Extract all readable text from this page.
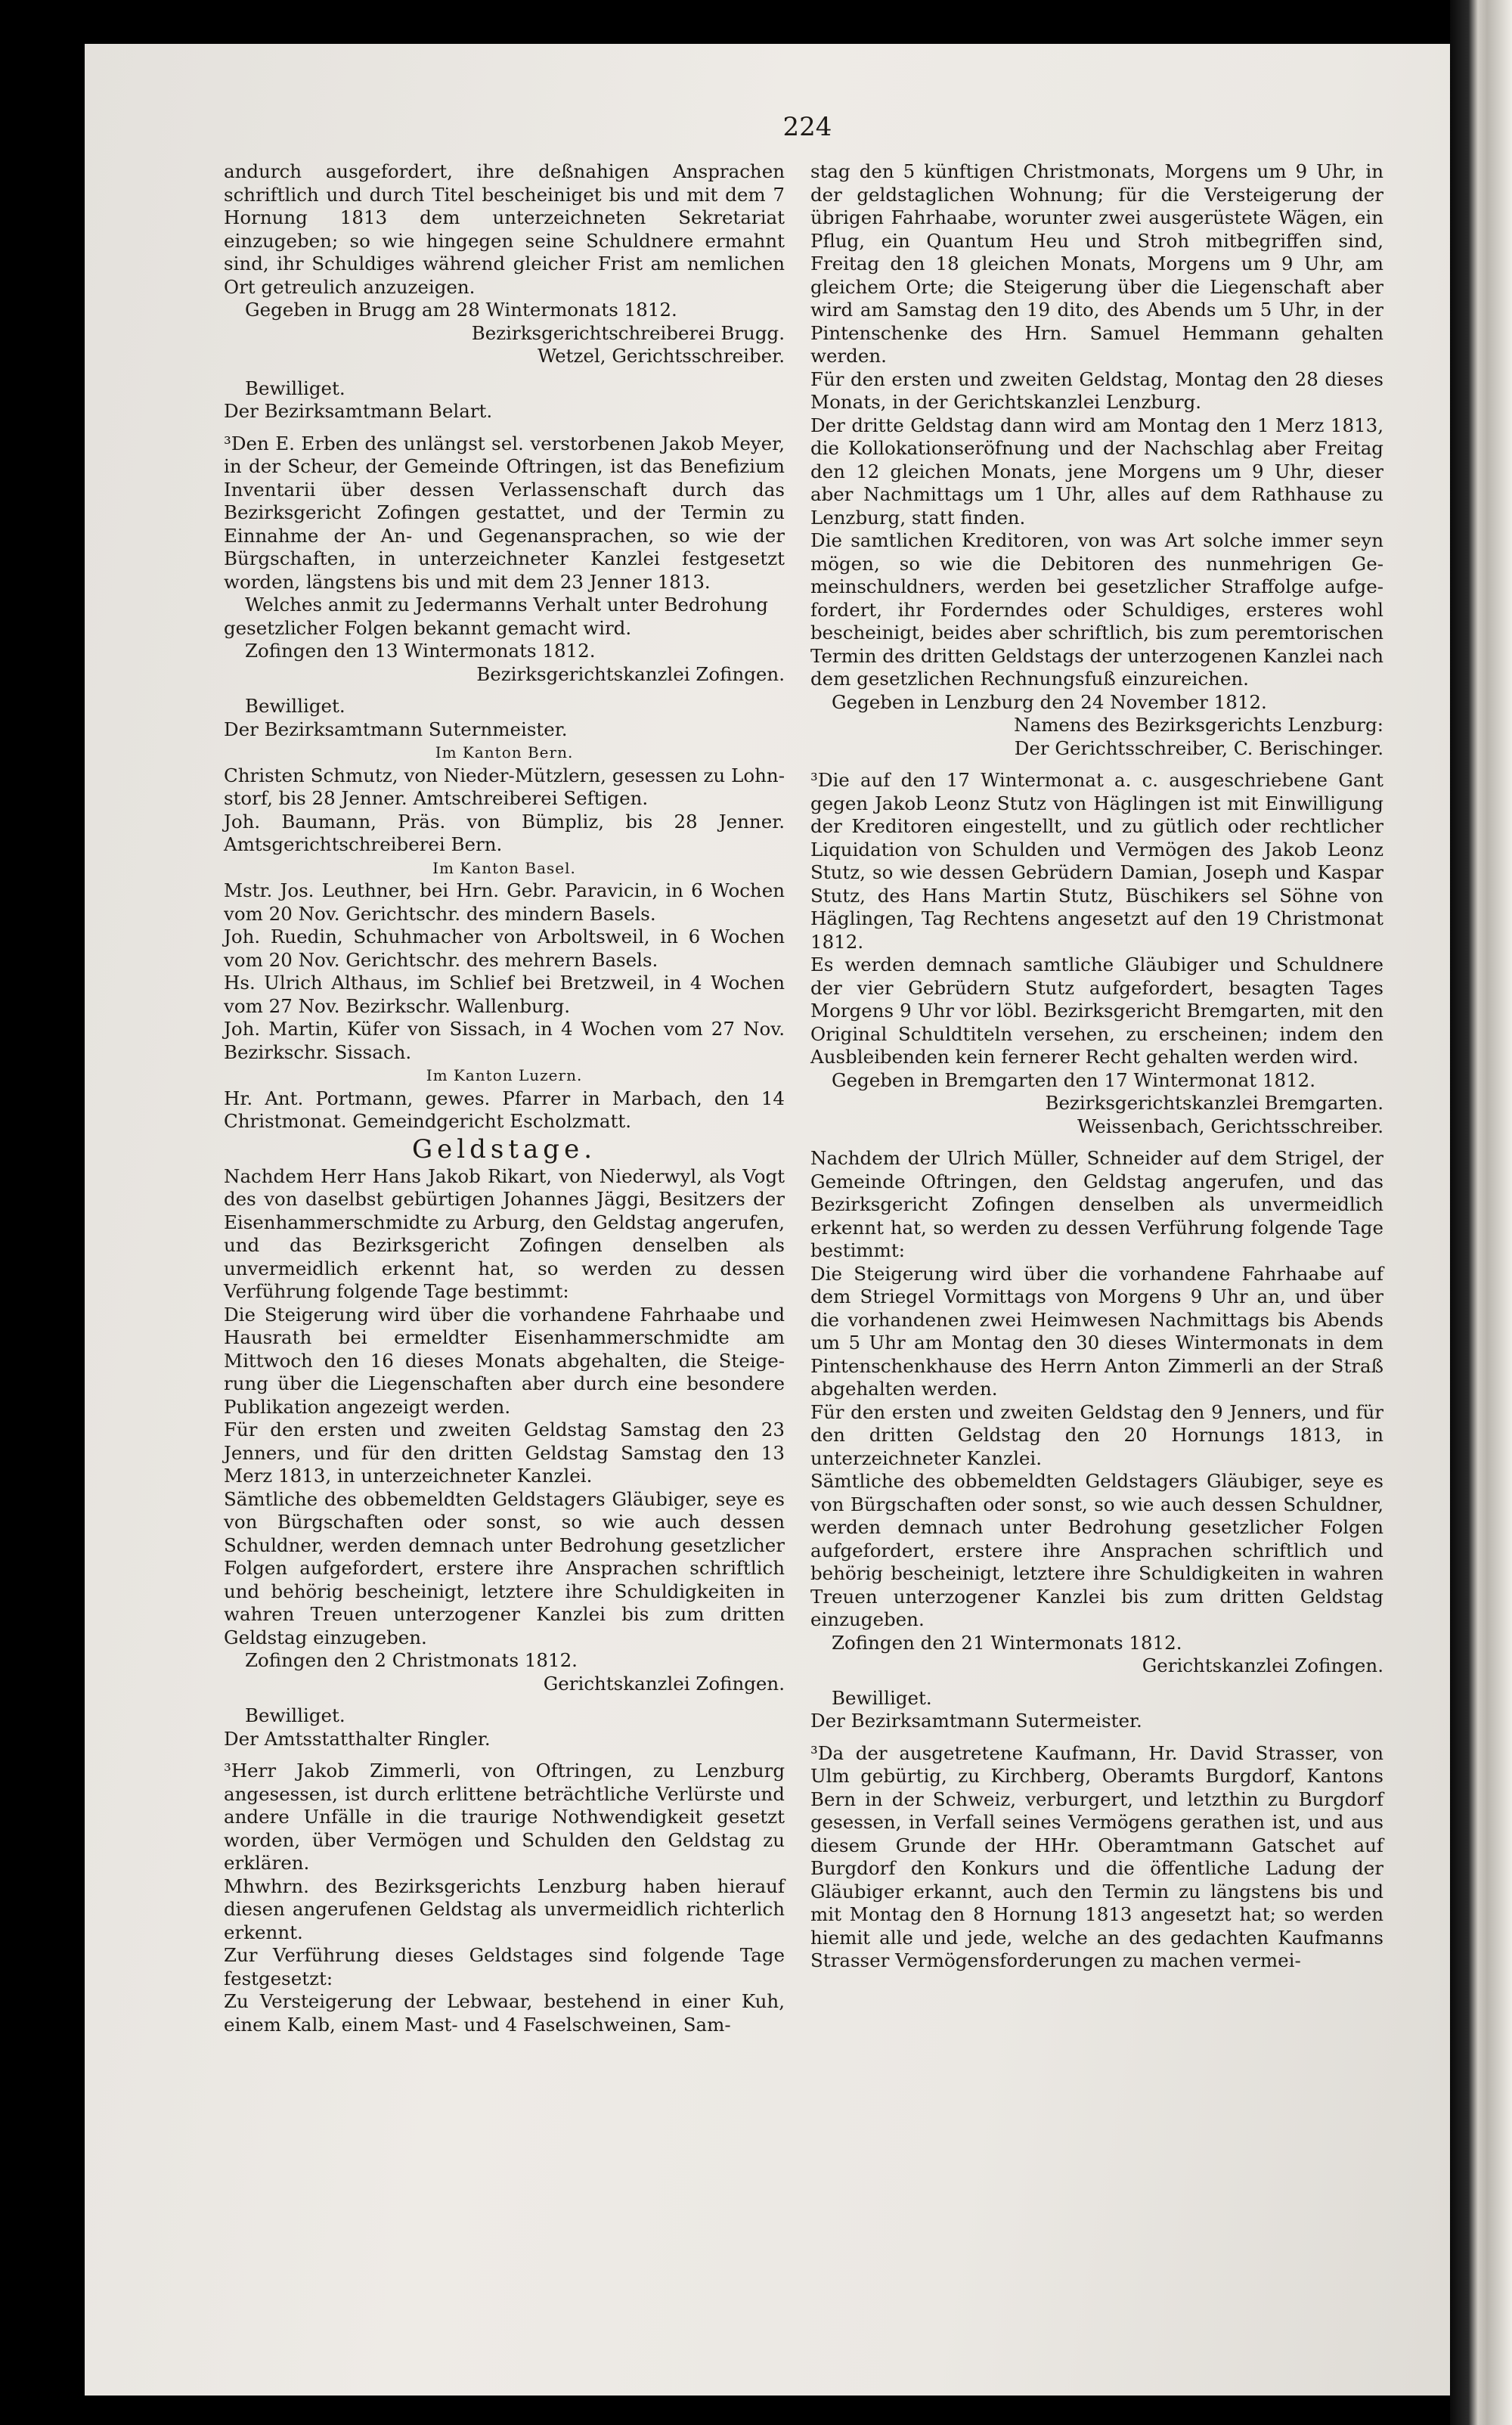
224

andurch ausgefordert, ihre deßnahigen Ansprachen schriftlich und durch Titel bescheiniget bis und mit dem 7 Hornung 1813 dem unterzeichneten Sekretariat einzugeben; so wie hingegen seine Schuldnere ermahnt sind, ihr Schuldiges während gleicher Frist am nemlichen Ort getreulich anzuzeigen.

Gegeben in Brugg am 28 Wintermonats 1812.

Bezirksgerichtschreiberei Brugg.

Wetzel, Gerichtsschreiber.

Bewilliget.

Der Bezirksamtmann Belart.

³Den E. Erben des unlängst sel. verstorbenen Jakob Meyer, in der Scheur, der Gemeinde Oftringen, ist das Benefizium Inventarii über dessen Verlassenschaft durch das Bezirksgericht Zofingen gestattet, und der Termin zu Einnahme der An- und Gegenansprachen, so wie der Bürgschaften, in unterzeichneter Kanzlei festgesetzt worden, längstens bis und mit dem 23 Jenner 1813.

Welches anmit zu Jedermanns Verhalt unter Bedrohung gesetzlicher Folgen bekannt gemacht wird.

Zofingen den 13 Wintermonats 1812.

Bezirksgerichtskanzlei Zofingen.

Bewilliget.

Der Bezirksamtmann Suternmeister.

Im Kanton Bern.

Christen Schmutz, von Nieder-Mützlern, gesessen zu Lohnstorf, bis 28 Jenner. Amtschreiberei Seftigen.

Joh. Baumann, Präs. von Bümpliz, bis 28 Jenner. Amtsgerichtschreiberei Bern.

Im Kanton Basel.

Mstr. Jos. Leuthner, bei Hrn. Gebr. Paravicin, in 6 Wochen vom 20 Nov. Gerichtschr. des mindern Basels.

Joh. Ruedin, Schuhmacher von Arboltsweil, in 6 Wochen vom 20 Nov. Gerichtschr. des mehrern Basels.

Hs. Ulrich Althaus, im Schlief bei Bretzweil, in 4 Wochen vom 27 Nov. Bezirkschr. Wallenburg.

Joh. Martin, Küfer von Sissach, in 4 Wochen vom 27 Nov. Bezirkschr. Sissach.

Im Kanton Luzern.

Hr. Ant. Portmann, gewes. Pfarrer in Marbach, den 14 Christmonat. Gemeindgericht Escholzmatt.

Geldstage.

Nachdem Herr Hans Jakob Rikart, von Niederwyl, als Vogt des von daselbst gebürtigen Johannes Jäggi, Besitzers der Eisenhammerschmidte zu Arburg, den Geldstag angerufen, und das Bezirksgericht Zofingen denselben als unvermeidlich erkennt hat, so werden zu dessen Verführung folgende Tage bestimmt:

Die Steigerung wird über die vorhandene Fahrhaabe und Hausrath bei ermeldter Eisenhammerschmidte am Mittwoch den 16 dieses Monats abgehalten, die Steigerung über die Liegenschaften aber durch eine besondere Publikation angezeigt werden.

Für den ersten und zweiten Geldstag Samstag den 23 Jenners, und für den dritten Geldstag Samstag den 13 Merz 1813, in unterzeichneter Kanzlei.

Sämtliche des obbemeldten Geldstagers Gläubiger, seye es von Bürgschaften oder sonst, so wie auch dessen Schuldner, werden demnach unter Bedrohung gesetzlicher Folgen aufgefordert, erstere ihre Ansprachen schriftlich und behörig bescheinigt, letztere ihre Schuldigkeiten in wahren Treuen unterzogener Kanzlei bis zum dritten Geldstag einzugeben.

Zofingen den 2 Christmonats 1812.

Gerichtskanzlei Zofingen.

Bewilliget.

Der Amtsstatthalter Ringler.

³Herr Jakob Zimmerli, von Oftringen, zu Lenzburg angesessen, ist durch erlittene beträchtliche Verlürste und andere Unfälle in die traurige Nothwendigkeit gesetzt worden, über Vermögen und Schulden den Geldstag zu erklären.

Mhwhrn. des Bezirksgerichts Lenzburg haben hierauf diesen angerufenen Geldstag als unvermeidlich richterlich erkennt.

Zur Verführung dieses Geldstages sind folgende Tage festgesetzt:

Zu Versteigerung der Lebwaar, bestehend in einer Kuh, einem Kalb, einem Mast- und 4 Faselschweinen, Sam-

stag den 5 künftigen Christmonats, Morgens um 9 Uhr, in der geldstaglichen Wohnung; für die Versteigerung der übrigen Fahrhaabe, worunter zwei ausgerüstete Wägen, ein Pflug, ein Quantum Heu und Stroh mitbegriffen sind, Freitag den 18 gleichen Monats, Morgens um 9 Uhr, am gleichem Orte; die Steigerung über die Liegenschaft aber wird am Samstag den 19 dito, des Abends um 5 Uhr, in der Pintenschenke des Hrn. Samuel Hemmann gehalten werden.

Für den ersten und zweiten Geldstag, Montag den 28 dieses Monats, in der Gerichtskanzlei Lenzburg.

Der dritte Geldstag dann wird am Montag den 1 Merz 1813, die Kollokationseröfnung und der Nachschlag aber Freitag den 12 gleichen Monats, jene Morgens um 9 Uhr, dieser aber Nachmittags um 1 Uhr, alles auf dem Rathhause zu Lenzburg, statt finden.

Die samtlichen Kreditoren, von was Art solche immer seyn mögen, so wie die Debitoren des nunmehrigen Gemeinschuldners, werden bei gesetzlicher Straffolge aufgefordert, ihr Forderndes oder Schuldiges, ersteres wohl bescheinigt, beides aber schriftlich, bis zum peremtorischen Termin des dritten Geldstags der unterzogenen Kanzlei nach dem gesetzlichen Rechnungsfuß einzureichen.

Gegeben in Lenzburg den 24 November 1812.

Namens des Bezirksgerichts Lenzburg:

Der Gerichtsschreiber, C. Berischinger.

³Die auf den 17 Wintermonat a. c. ausgeschriebene Gant gegen Jakob Leonz Stutz von Häglingen ist mit Einwilligung der Kreditoren eingestellt, und zu gütlich oder rechtlicher Liquidation von Schulden und Vermögen des Jakob Leonz Stutz, so wie dessen Gebrüdern Damian, Joseph und Kaspar Stutz, des Hans Martin Stutz, Büschikers sel Söhne von Häglingen, Tag Rechtens angesetzt auf den 19 Christmonat 1812.

Es werden demnach samtliche Gläubiger und Schuldnere der vier Gebrüdern Stutz aufgefordert, besagten Tages Morgens 9 Uhr vor löbl. Bezirksgericht Bremgarten, mit den Original Schuldtiteln versehen, zu erscheinen; indem den Ausbleibenden kein fernerer Recht gehalten werden wird.

Gegeben in Bremgarten den 17 Wintermonat 1812.

Bezirksgerichtskanzlei Bremgarten.

Weissenbach, Gerichtsschreiber.

Nachdem der Ulrich Müller, Schneider auf dem Strigel, der Gemeinde Oftringen, den Geldstag angerufen, und das Bezirksgericht Zofingen denselben als unvermeidlich erkennt hat, so werden zu dessen Verführung folgende Tage bestimmt:

Die Steigerung wird über die vorhandene Fahrhaabe auf dem Striegel Vormittags von Morgens 9 Uhr an, und über die vorhandenen zwei Heimwesen Nachmittags bis Abends um 5 Uhr am Montag den 30 dieses Wintermonats in dem Pintenschenkhause des Herrn Anton Zimmerli an der Straß abgehalten werden.

Für den ersten und zweiten Geldstag den 9 Jenners, und für den dritten Geldstag den 20 Hornungs 1813, in unterzeichneter Kanzlei.

Sämtliche des obbemeldten Geldstagers Gläubiger, seye es von Bürgschaften oder sonst, so wie auch dessen Schuldner, werden demnach unter Bedrohung gesetzlicher Folgen aufgefordert, erstere ihre Ansprachen schriftlich und behörig bescheinigt, letztere ihre Schuldigkeiten in wahren Treuen unterzogener Kanzlei bis zum dritten Geldstag einzugeben.

Zofingen den 21 Wintermonats 1812.

Gerichtskanzlei Zofingen.

Bewilliget.

Der Bezirksamtmann Sutermeister.

³Da der ausgetretene Kaufmann, Hr. David Strasser, von Ulm gebürtig, zu Kirchberg, Oberamts Burgdorf, Kantons Bern in der Schweiz, verburgert, und letzthin zu Burgdorf gesessen, in Verfall seines Vermögens gerathen ist, und aus diesem Grunde der HHr. Oberamtmann Gatschet auf Burgdorf den Konkurs und die öffentliche Ladung der Gläubiger erkannt, auch den Termin zu längstens bis und mit Montag den 8 Hornung 1813 angesetzt hat; so werden hiemit alle und jede, welche an des gedachten Kaufmanns Strasser Vermögensforderungen zu machen vermei-
